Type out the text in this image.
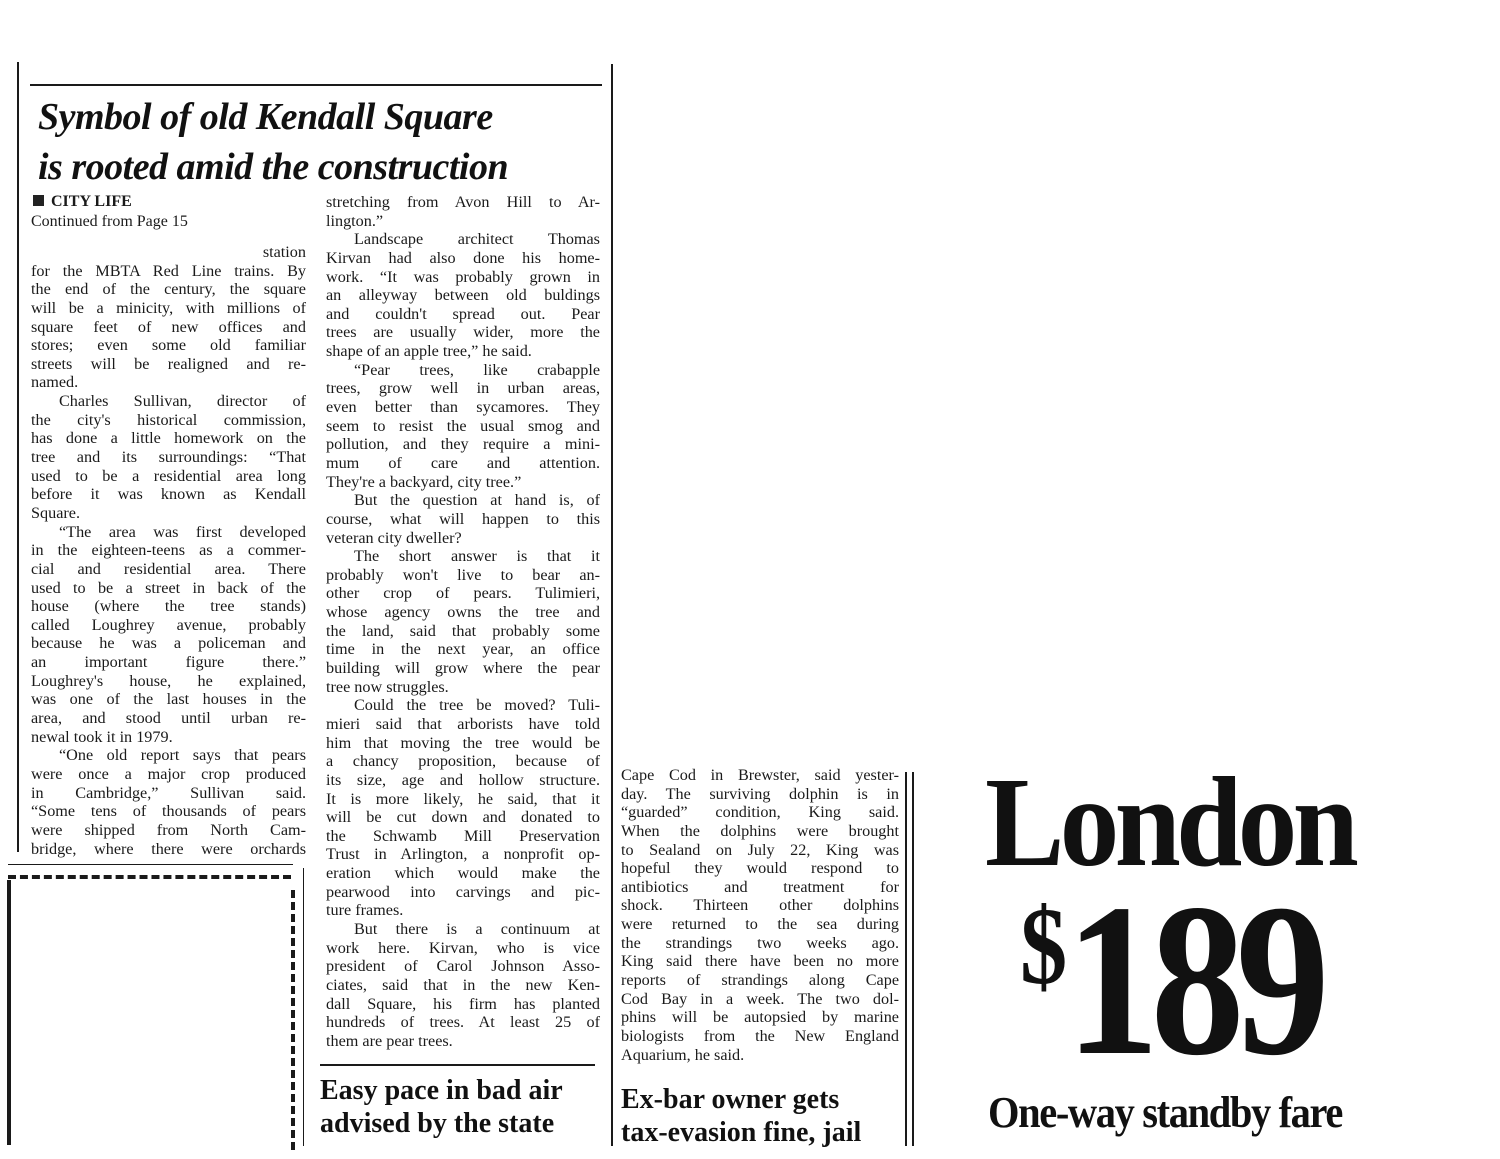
Symbol of old Kendall Square
is rooted amid the construction
CITY LIFE
Continued from Page 15
station
for the MBTA Red Line trains. By
the end of the century, the square
will be a minicity, with millions of
square feet of new offices and
stores; even some old familiar
streets will be realigned and re-
named.
Charles Sullivan, director of
the city's historical commission,
has done a little homework on the
tree and its surroundings: “That
used to be a residential area long
before it was known as Kendall
Square.
“The area was first developed
in the eighteen-teens as a commer-
cial and residential area. There
used to be a street in back of the
house (where the tree stands)
called Loughrey avenue, probably
because he was a policeman and
an important figure there.”
Loughrey's house, he explained,
was one of the last houses in the
area, and stood until urban re-
newal took it in 1979.
“One old report says that pears
were once a major crop produced
in Cambridge,” Sullivan said.
“Some tens of thousands of pears
were shipped from North Cam-
bridge, where there were orchards
stretching from Avon Hill to Ar-
lington.”
Landscape architect Thomas
Kirvan had also done his home-
work. “It was probably grown in
an alleyway between old buldings
and couldn't spread out. Pear
trees are usually wider, more the
shape of an apple tree,” he said.
“Pear trees, like crabapple
trees, grow well in urban areas,
even better than sycamores. They
seem to resist the usual smog and
pollution, and they require a mini-
mum of care and attention.
They're a backyard, city tree.”
But the question at hand is, of
course, what will happen to this
veteran city dweller?
The short answer is that it
probably won't live to bear an-
other crop of pears. Tulimieri,
whose agency owns the tree and
the land, said that probably some
time in the next year, an office
building will grow where the pear
tree now struggles.
Could the tree be moved? Tuli-
mieri said that arborists have told
him that moving the tree would be
a chancy proposition, because of
its size, age and hollow structure.
It is more likely, he said, that it
will be cut down and donated to
the Schwamb Mill Preservation
Trust in Arlington, a nonprofit op-
eration which would make the
pearwood into carvings and pic-
ture frames.
But there is a continuum at
work here. Kirvan, who is vice
president of Carol Johnson Asso-
ciates, said that in the new Ken-
dall Square, his firm has planted
hundreds of trees. At least 25 of
them are pear trees.
Cape Cod in Brewster, said yester-
day. The surviving dolphin is in
“guarded” condition, King said.
When the dolphins were brought
to Sealand on July 22, King was
hopeful they would respond to
antibiotics and treatment for
shock. Thirteen other dolphins
were returned to the sea during
the strandings two weeks ago.
King said there have been no more
reports of strandings along Cape
Cod Bay in a week. The two dol-
phins will be autopsied by marine
biologists from the New England
Aquarium, he said.
Easy pace in bad air
advised by the state
Ex-bar owner gets
tax-evasion fine, jail
London
$189
One-way standby fare
